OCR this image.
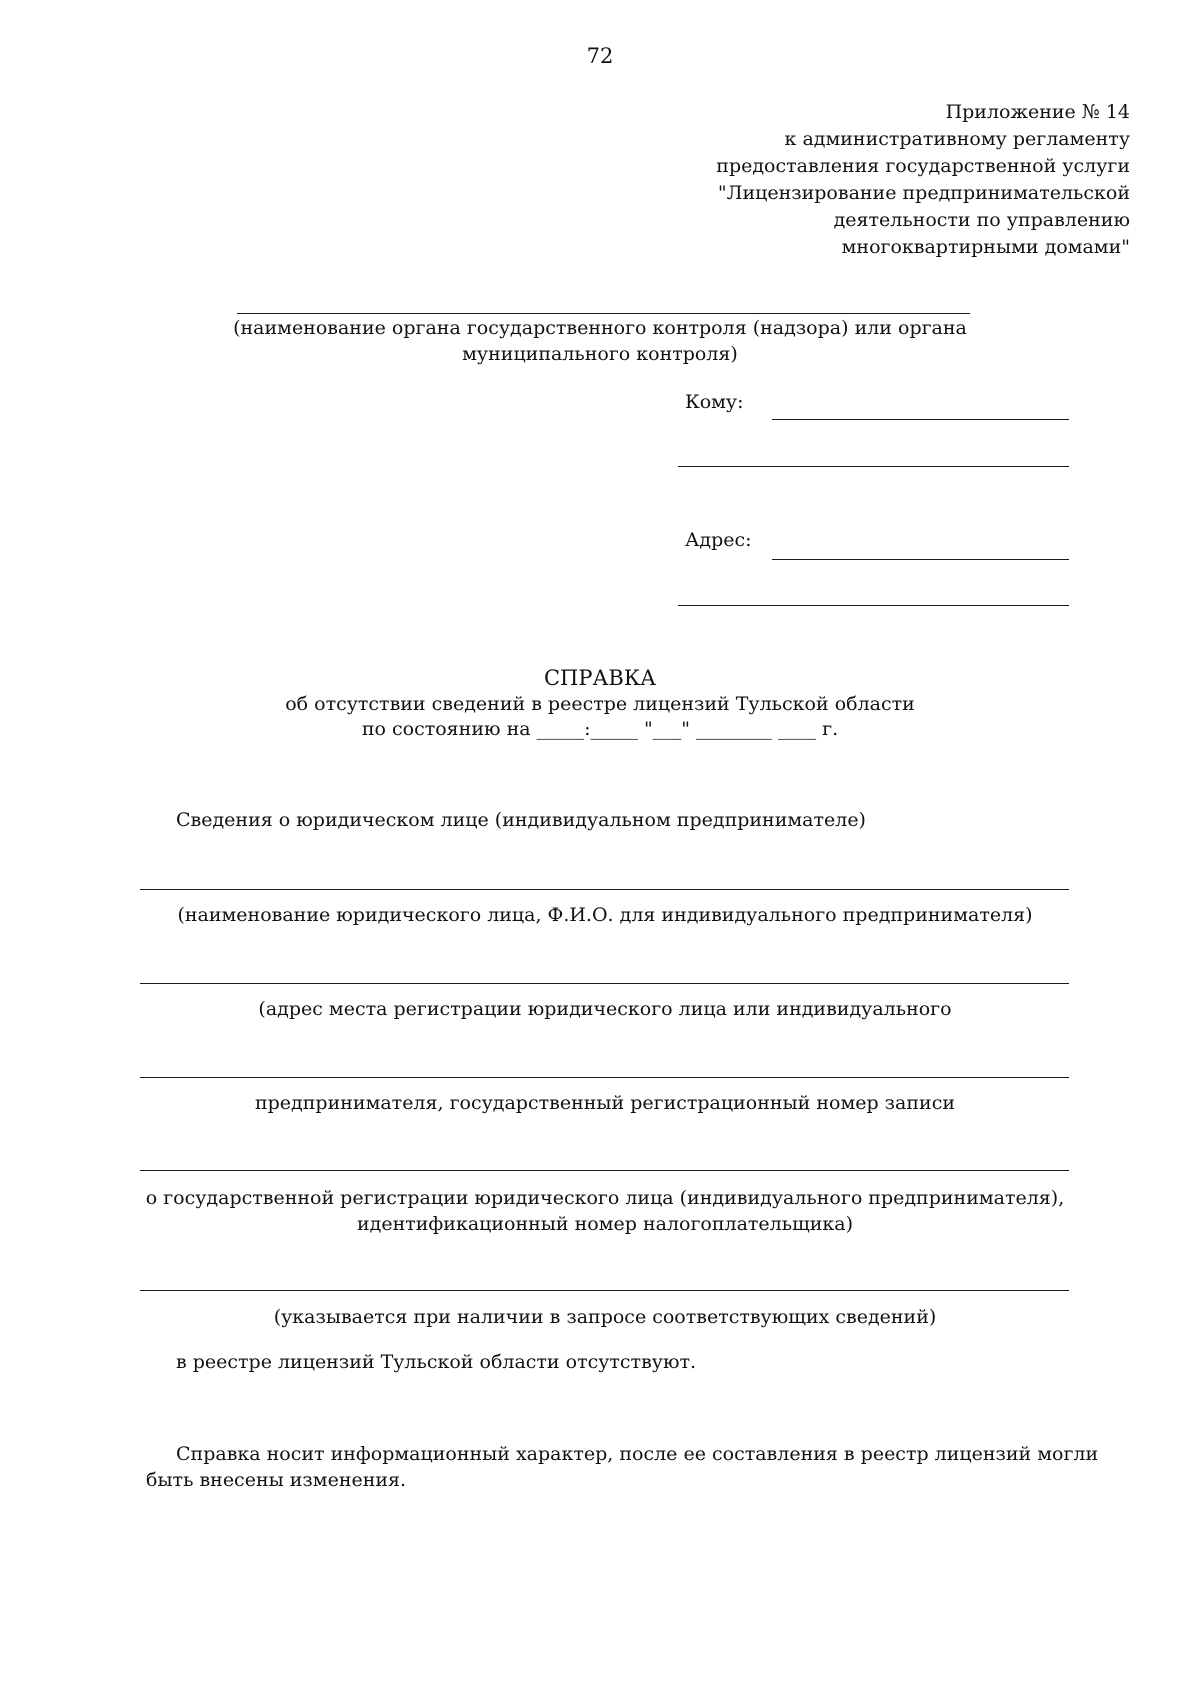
72
Приложение № 14
к административному регламенту
предоставления государственной услуги
"Лицензирование предпринимательской
деятельности по управлению
многоквартирными домами"
(наименование органа государственного контроля (надзора) или органа
муниципального контроля)
Кому:
Адрес:
СПРАВКА
об отсутствии сведений в реестре лицензий Тульской области
по состоянию на _____:_____ "___" ________ ____ г.
Сведения о юридическом лице (индивидуальном предпринимателе)
(наименование юридического лица, Ф.И.О. для индивидуального предпринимателя)
(адрес места регистрации юридического лица или индивидуального
предпринимателя, государственный регистрационный номер записи
о государственной регистрации юридического лица (индивидуального предпринимателя),
идентификационный номер налогоплательщика)
(указывается при наличии в запросе соответствующих сведений)
в реестре лицензий Тульской области отсутствуют.
Справка носит информационный характер, после ее составления в реестр лицензий могли
быть внесены изменения.
